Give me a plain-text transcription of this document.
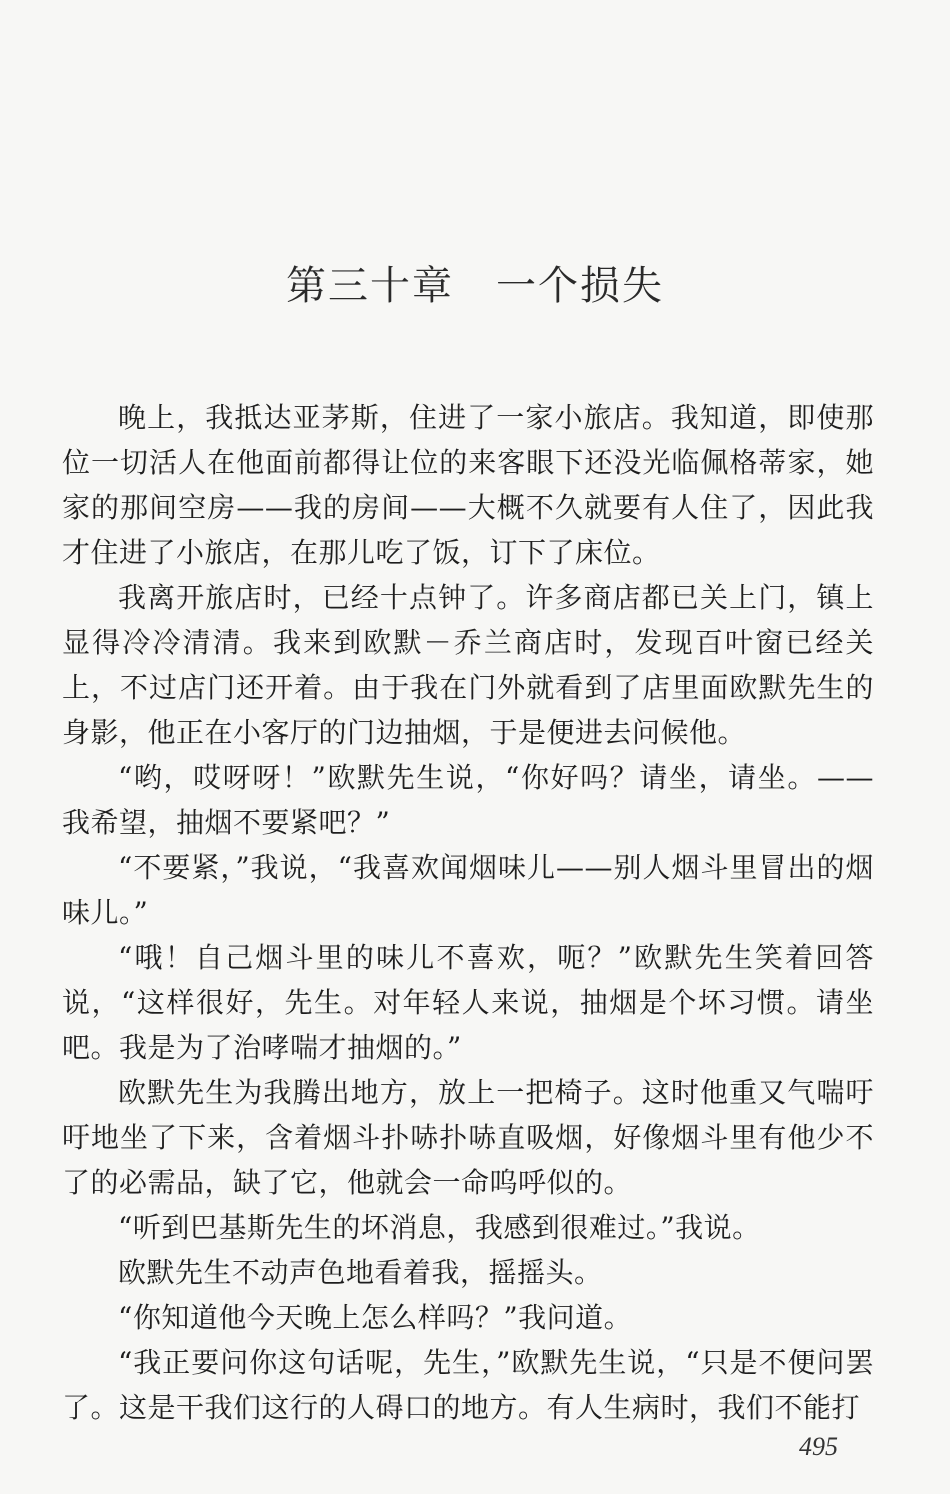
第三十章　一个损失

晚上，我抵达亚茅斯，住进了一家小旅店。我知道，即使那位一切活人在他面前都得让位的来客眼下还没光临佩格蒂家，她家的那间空房——我的房间——大概不久就要有人住了，因此我才住进了小旅店，在那儿吃了饭，订下了床位。

我离开旅店时，已经十点钟了。许多商店都已关上门，镇上显得冷冷清清。我来到欧默－乔兰商店时，发现百叶窗已经关上，不过店门还开着。由于我在门外就看到了店里面欧默先生的身影，他正在小客厅的门边抽烟，于是便进去问候他。

“哟，哎呀呀！”欧默先生说，“你好吗？请坐，请坐。——我希望，抽烟不要紧吧？”

“不要紧，”我说，“我喜欢闻烟味儿——别人烟斗里冒出的烟味儿。”

“哦！自己烟斗里的味儿不喜欢，呃？”欧默先生笑着回答说，“这样很好，先生。对年轻人来说，抽烟是个坏习惯。请坐吧。我是为了治哮喘才抽烟的。”

欧默先生为我腾出地方，放上一把椅子。这时他重又气喘吁吁地坐了下来，含着烟斗扑哧扑哧直吸烟，好像烟斗里有他少不了的必需品，缺了它，他就会一命呜呼似的。

“听到巴基斯先生的坏消息，我感到很难过。”我说。

欧默先生不动声色地看着我，摇摇头。

“你知道他今天晚上怎么样吗？”我问道。

“我正要问你这句话呢，先生，”欧默先生说，“只是不便问罢了。这是干我们这行的人碍口的地方。有人生病时，我们不能打

495
